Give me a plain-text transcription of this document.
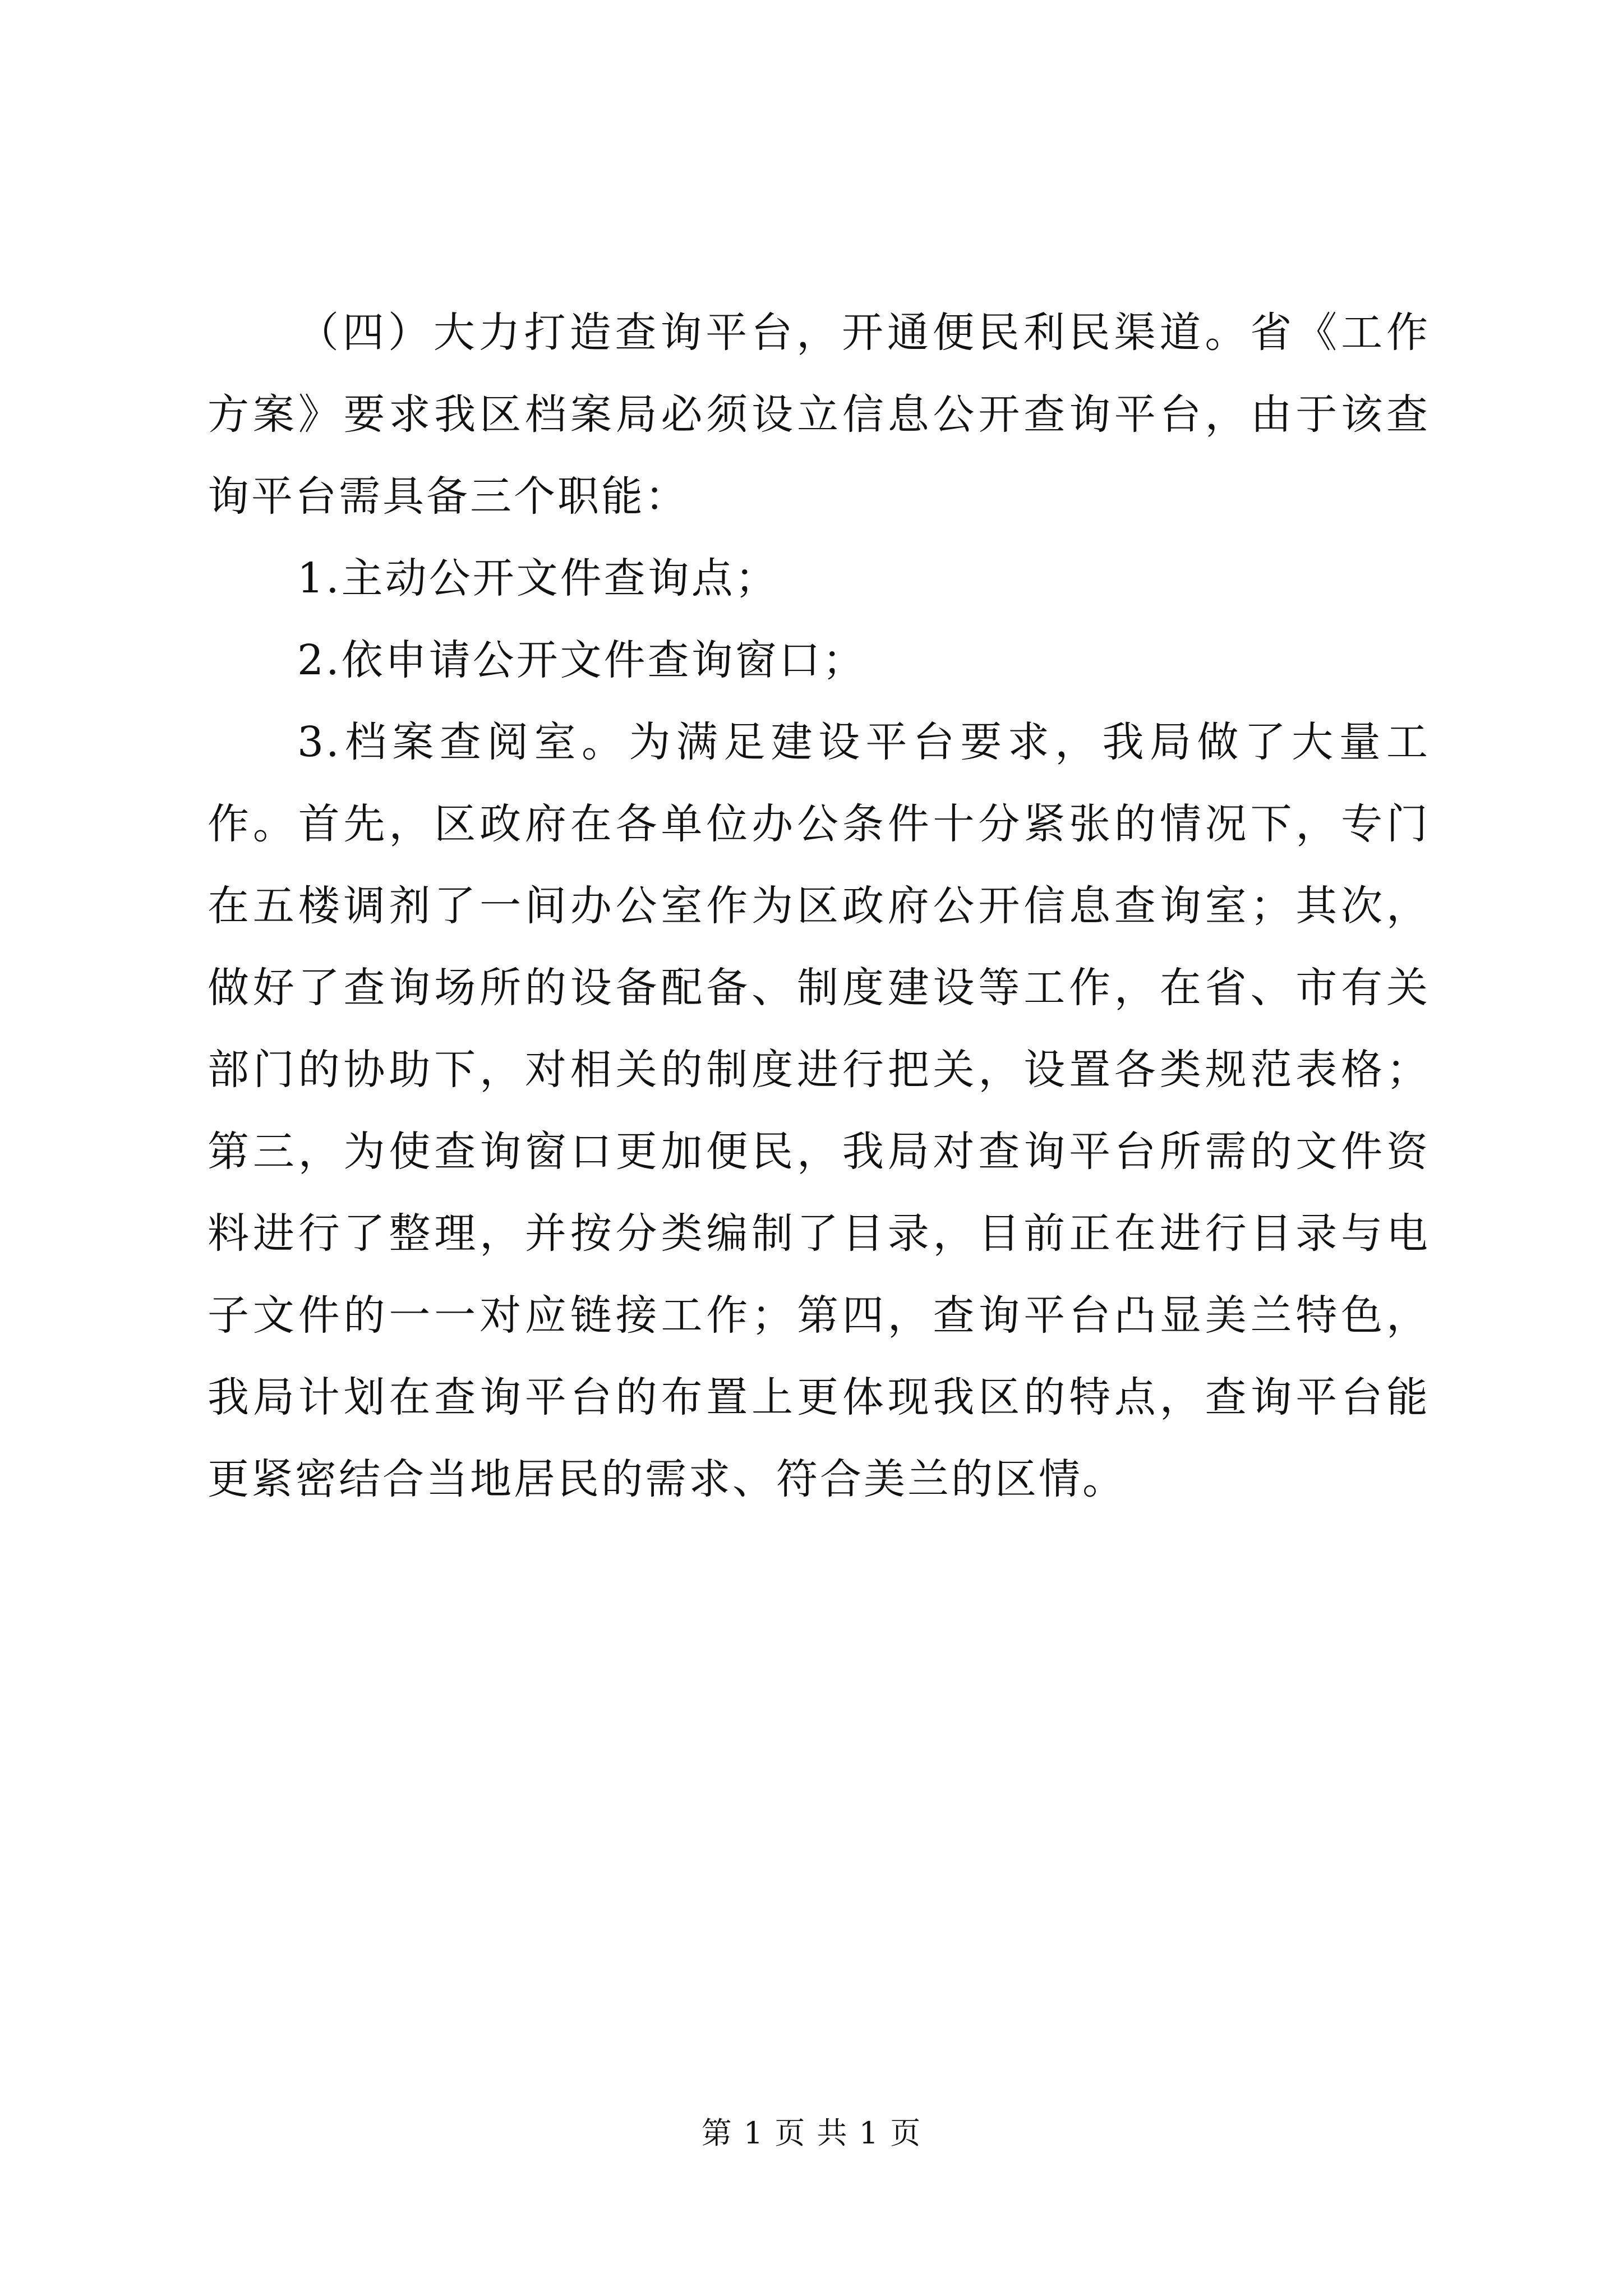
（四）大力打造查询平台，开通便民利民渠道。省《工作方案》要求我区档案局必须设立信息公开查询平台，由于该查询平台需具备三个职能：

1.主动公开文件查询点；

2.依申请公开文件查询窗口；

3.档案查阅室。为满足建设平台要求，我局做了大量工作。首先，区政府在各单位办公条件十分紧张的情况下，专门在五楼调剂了一间办公室作为区政府公开信息查询室；其次，做好了查询场所的设备配备、制度建设等工作，在省、市有关部门的协助下，对相关的制度进行把关，设置各类规范表格；第三，为使查询窗口更加便民，我局对查询平台所需的文件资料进行了整理，并按分类编制了目录，目前正在进行目录与电子文件的一一对应链接工作；第四，查询平台凸显美兰特色，我局计划在查询平台的布置上更体现我区的特点，查询平台能更紧密结合当地居民的需求、符合美兰的区情。

第 1 页 共 1 页
